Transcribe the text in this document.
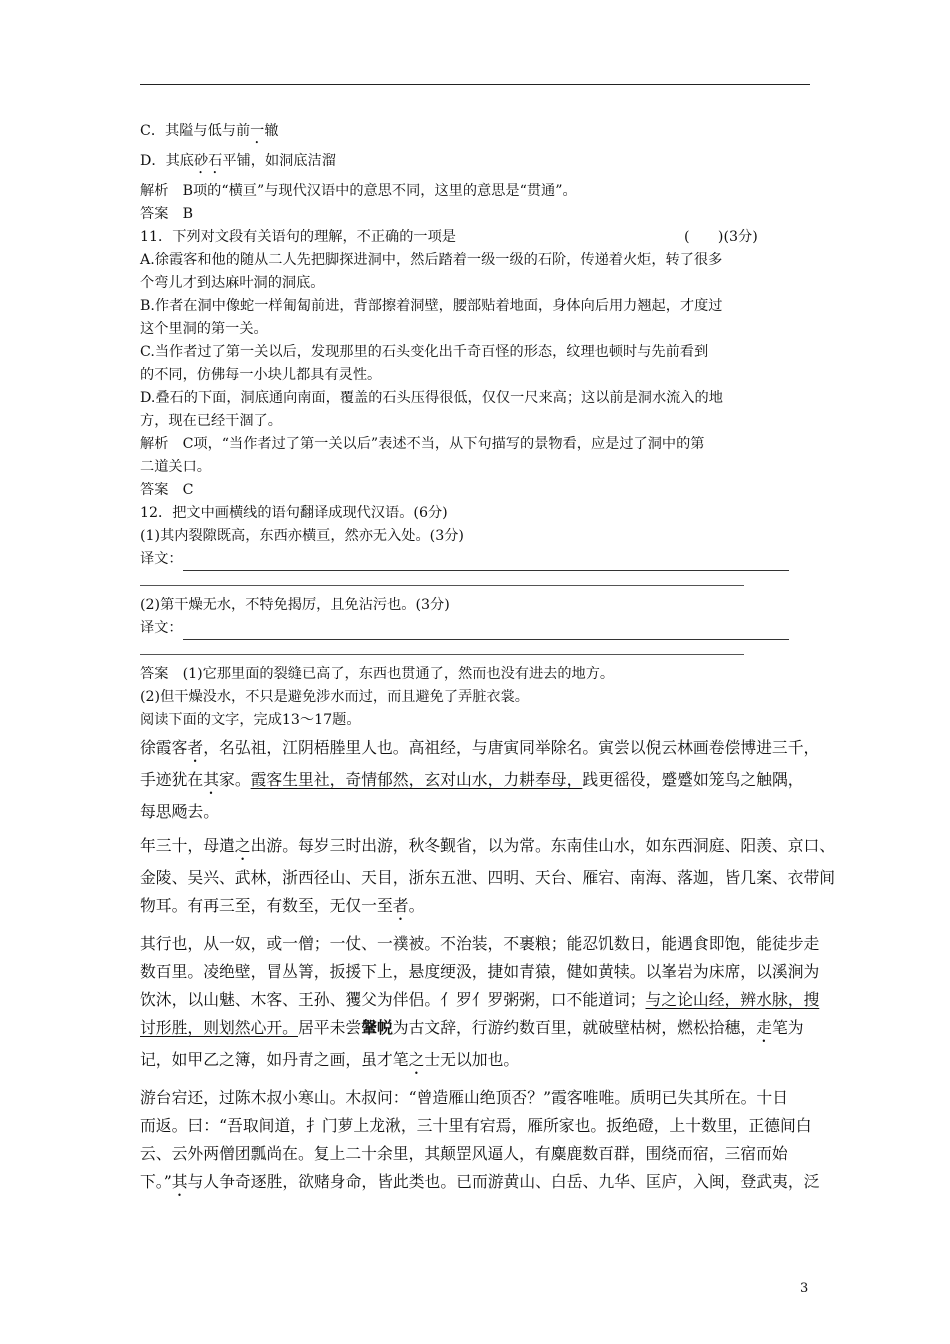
C．其隘与低与前一辙

D．其底砂石平铺，如洞底洁溜

解析　B项的“横亘”与现代汉语中的意思不同，这里的意思是“贯通”。

答案　B

11．下列对文段有关语句的理解，不正确的一项是	(　　)(3分)

A.徐霞客和他的随从二人先把脚探进洞中，然后踏着一级一级的石阶，传递着火炬，转了很多

个弯儿才到达麻叶洞的洞底。

B.作者在洞中像蛇一样匍匐前进，背部擦着洞壁，腰部贴着地面，身体向后用力翘起，才度过

这个里洞的第一关。

C.当作者过了第一关以后，发现那里的石头变化出千奇百怪的形态，纹理也顿时与先前看到

的不同，仿佛每一小块儿都具有灵性。

D.叠石的下面，洞底通向南面，覆盖的石头压得很低，仅仅一尺来高；这以前是洞水流入的地

方，现在已经干涸了。

解析　C项，“当作者过了第一关以后”表述不当，从下句描写的景物看，应是过了洞中的第

二道关口。

答案　C

12．把文中画横线的语句翻译成现代汉语。(6分)

(1)其内裂隙既高，东西亦横亘，然亦无入处。(3分)

译文：

(2)第干燥无水，不特免揭厉，且免沾污也。(3分)

译文：

答案　(1)它那里面的裂缝已高了，东西也贯通了，然而也没有进去的地方。

(2)但干燥没水，不只是避免涉水而过，而且避免了弄脏衣裳。

阅读下面的文字，完成13～17题。

徐霞客者，名弘祖，江阴梧塍里人也。高祖经，与唐寅同举除名。寅尝以倪云林画卷偿博进三千，

手迹犹在其家。霞客生里社，奇情郁然，玄对山水，力耕奉母，践更徭役，蹙蹙如笼鸟之触隅，

每思飏去。

年三十，母遣之出游。每岁三时出游，秋冬觐省，以为常。东南佳山水，如东西洞庭、阳羡、京口、

金陵、吴兴、武林，浙西径山、天目，浙东五泄、四明、天台、雁宕、南海、落迦，皆几案、衣带间

物耳。有再三至，有数至，无仅一至者。

其行也，从一奴，或一僧；一仗、一襆被。不治装，不裹粮；能忍饥数日，能遇食即饱，能徒步走

数百里。凌绝壁，冒丛箐，扳援下上，悬度绠汲，捷如青猿，健如黄犊。以峯岩为床席，以溪涧为

饮沐，以山魅、木客、王孙、玃父为伴侣。亻罗亻罗粥粥，口不能道词；与之论山经，辨水脉，搜

讨形胜，则划然心开。居平未尝鞶帨为古文辞，行游约数百里，就破壁枯树，燃松拾穗，走笔为

记，如甲乙之簿，如丹青之画，虽才笔之士无以加也。

游台宕还，过陈木叔小寒山。木叔问：“曾造雁山绝顶否？”霞客唯唯。质明已失其所在。十日

而返。曰：“吾取间道，扌门萝上龙湫，三十里有宕焉，雁所家也。扳绝磴，上十数里，正德间白

云、云外两僧团瓢尚在。复上二十余里，其颠罡风逼人，有麋鹿数百群，围绕而宿，三宿而始

下。”其与人争奇逐胜，欲赌身命，皆此类也。已而游黄山、白岳、九华、匡庐，入闽，登武夷，泛

3
